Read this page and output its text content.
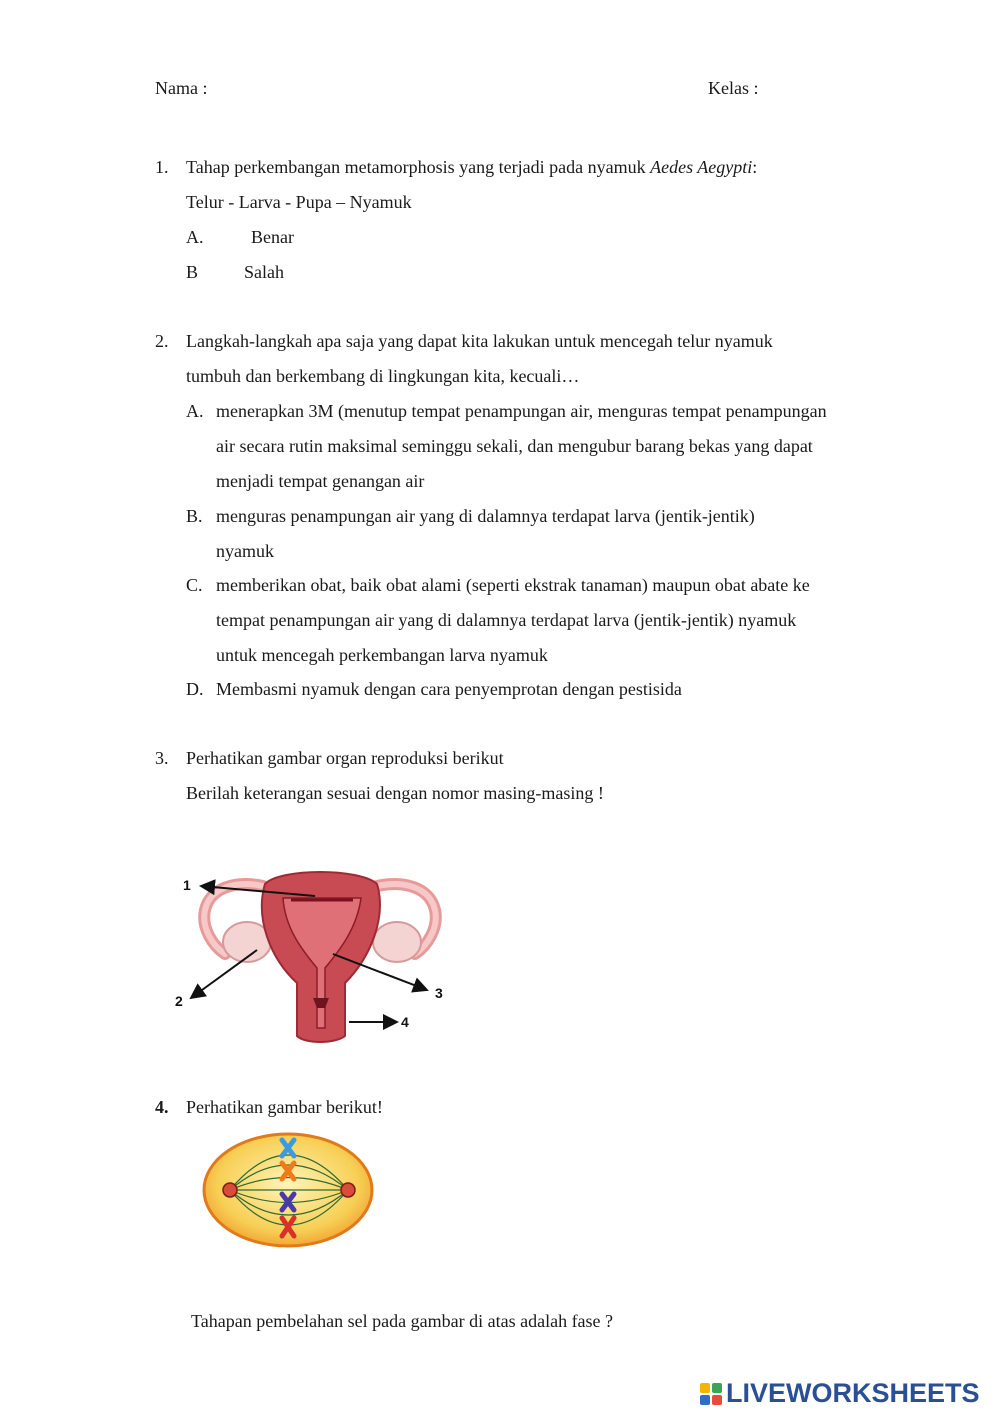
Nama :	Kelas :
1. Tahap perkembangan metamorphosis yang terjadi pada nyamuk Aedes Aegypti:
Telur - Larva - Pupa – Nyamuk
A.	Benar
B	Salah
2. Langkah-langkah apa saja yang dapat kita lakukan untuk mencegah telur nyamuk
tumbuh dan berkembang di lingkungan kita, kecuali…
A. menerapkan 3M (menutup tempat penampungan air, menguras tempat penampungan
air secara rutin maksimal seminggu sekali, dan mengubur barang bekas yang dapat
menjadi tempat genangan air
B. menguras penampungan air yang di dalamnya terdapat larva (jentik-jentik)
nyamuk
C. memberikan obat, baik obat alami (seperti ekstrak tanaman) maupun obat abate ke
tempat penampungan air yang di dalamnya terdapat larva (jentik-jentik) nyamuk
untuk mencegah perkembangan larva nyamuk
D. Membasmi nyamuk dengan cara penyemprotan dengan pestisida
3. Perhatikan gambar organ reproduksi berikut
Berilah keterangan sesuai dengan nomor masing-masing !
1
2	3
4
4. Perhatikan gambar berikut!
Tahapan pembelahan sel pada gambar di atas adalah fase ?
LIVEWORKSHEETS
